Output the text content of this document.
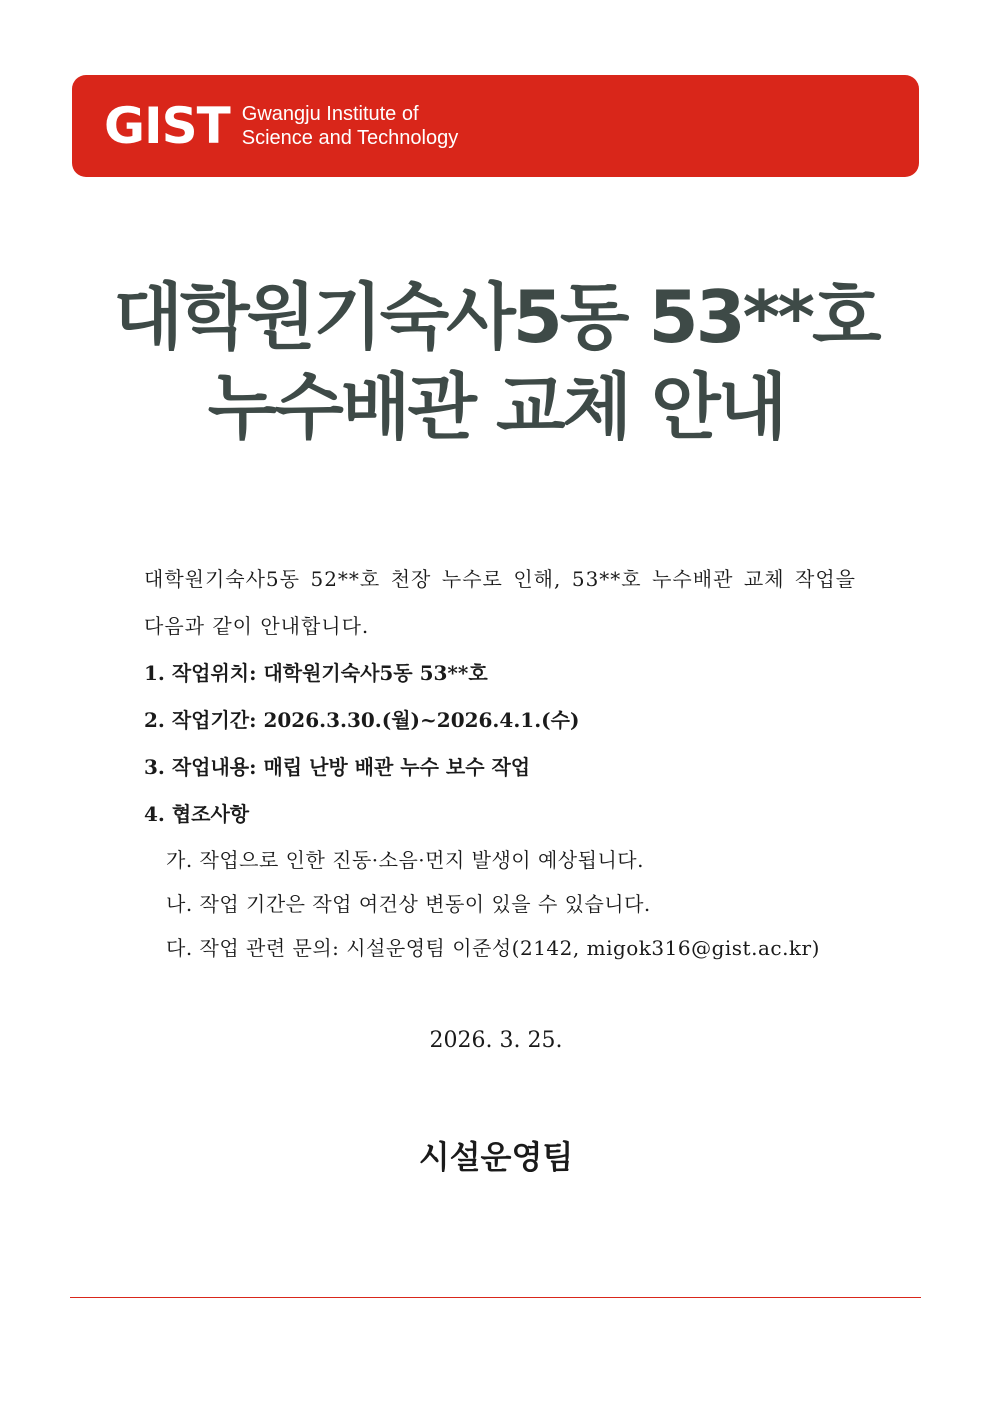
GIST Gwangju Institute of
Science and Technology
대학원기숙사5동 53**호
누수배관 교체 안내
대학원기숙사5동 52**호 천장 누수로 인해, 53**호 누수배관 교체 작업을 다음과 같이 안내합니다.
1. 작업위치: 대학원기숙사5동 53**호
2. 작업기간: 2026.3.30.(월)~2026.4.1.(수)
3. 작업내용: 매립 난방 배관 누수 보수 작업
4. 협조사항
가. 작업으로 인한 진동·소음·먼지 발생이 예상됩니다.
나. 작업 기간은 작업 여건상 변동이 있을 수 있습니다.
다. 작업 관련 문의: 시설운영팀 이준성(2142, migok316@gist.ac.kr)
2026. 3. 25.
시설운영팀
